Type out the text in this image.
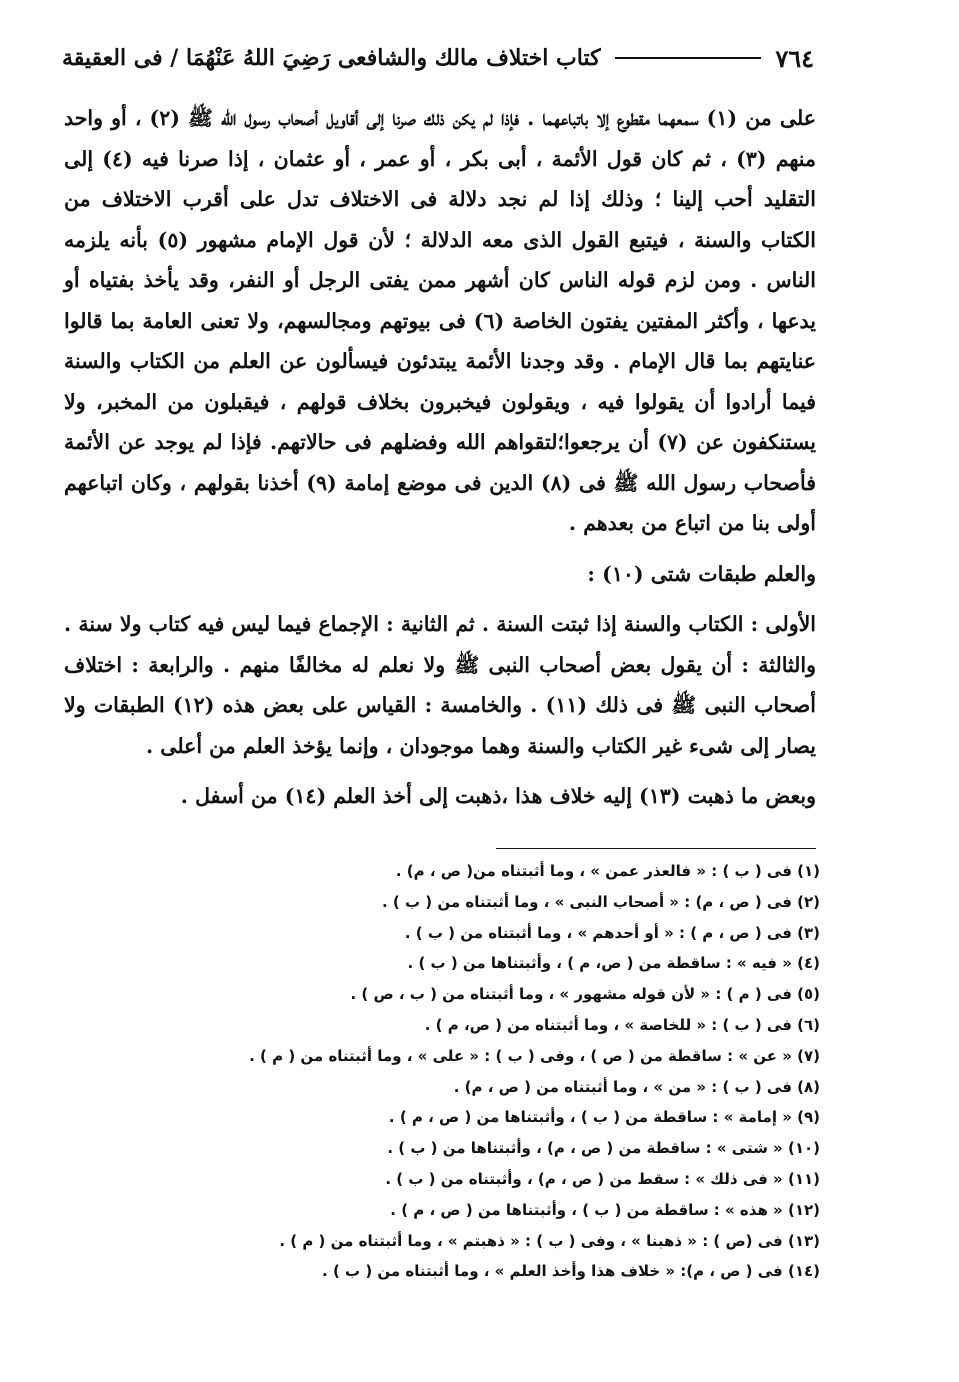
٧٦٤
كتاب اختلاف مالك والشافعى رَضِيَ اللهُ عَنْهُمَا / فى العقيقة

على من (١) سمعهما مقطوع إلا باتباعهما . فإذا لم يكن ذلك صرنا إلى أقاويل أصحاب رسول الله ﷺ (٢) ، أو واحد منهم (٣) ، ثم كان قول الأئمة ، أبى بكر ، أو عمر ، أو عثمان ، إذا صرنا فيه (٤) إلى التقليد أحب إلينا ؛ وذلك إذا لم نجد دلالة فى الاختلاف تدل على أقرب الاختلاف من الكتاب والسنة ، فيتبع القول الذى معه الدلالة ؛ لأن قول الإمام مشهور (٥) بأنه يلزمه الناس . ومن لزم قوله الناس كان أشهر ممن يفتى الرجل أو النفر، وقد يأخذ بفتياه أو يدعها ، وأكثر المفتين يفتون الخاصة (٦) فى بيوتهم ومجالسهم، ولا تعنى العامة بما قالوا عنايتهم بما قال الإمام . وقد وجدنا الأئمة يبتدئون فيسألون عن العلم من الكتاب والسنة فيما أرادوا أن يقولوا فيه ، ويقولون فيخبرون بخلاف قولهم ، فيقبلون من المخبر، ولا يستنكفون عن (٧) أن يرجعوا؛لتقواهم الله وفضلهم فى حالاتهم. فإذا لم يوجد عن الأئمة فأصحاب رسول الله ﷺ فى (٨) الدين فى موضع إمامة (٩) أخذنا بقولهم ، وكان اتباعهم أولى بنا من اتباع من بعدهم .

والعلم طبقات شتى (١٠) :

الأولى : الكتاب والسنة إذا ثبتت السنة . ثم الثانية : الإجماع فيما ليس فيه كتاب ولا سنة . والثالثة : أن يقول بعض أصحاب النبى ﷺ ولا نعلم له مخالفًا منهم . والرابعة : اختلاف أصحاب النبى ﷺ فى ذلك (١١) . والخامسة : القياس على بعض هذه (١٢) الطبقات ولا يصار إلى شىء غير الكتاب والسنة وهما موجودان ، وإنما يؤخذ العلم من أعلى .

وبعض ما ذهبت (١٣) إليه خلاف هذا ،ذهبت إلى أخذ العلم (١٤) من أسفل .

(١) فى ( ب ) : « فالعذر عمن » ، وما أثبتناه من( ص ، م) .
(٢) فى ( ص ، م) : « أصحاب النبى » ، وما أثبتناه من ( ب ) .
(٣) فى ( ص ، م ) : « أو أحدهم » ، وما أثبتناه من ( ب ) .
(٤) « فيه » : ساقطة من ( ص، م ) ، وأثبتناها من ( ب ) .
(٥) فى ( م ) : « لأن قوله مشهور » ، وما أثبتناه من ( ب ، ص ) .
(٦) فى ( ب ) : « للخاصة » ، وما أثبتناه من ( ص، م ) .
(٧) « عن » : ساقطة من ( ص ) ، وفى ( ب ) : « على » ، وما أثبتناه من ( م ) .
(٨) فى ( ب ) : « من » ، وما أثبتناه من ( ص ، م) .
(٩) « إمامة » : ساقطة من ( ب ) ، وأثبتناها من ( ص ، م ) .
(١٠) « شتى » : ساقطة من ( ص ، م) ، وأثبتناها من ( ب ) .
(١١) « فى ذلك » : سقط من ( ص ، م) ، وأثبتناه من ( ب ) .
(١٢) « هذه » : ساقطة من ( ب ) ، وأثبتناها من ( ص ، م ) .
(١٣) فى (ص ) : « ذهبنا » ، وفى ( ب ) : « ذهبتم » ، وما أثبتناه من ( م ) .
(١٤) فى ( ص ، م): « خلاف هذا وأخذ العلم » ، وما أثبتناه من ( ب ) .
